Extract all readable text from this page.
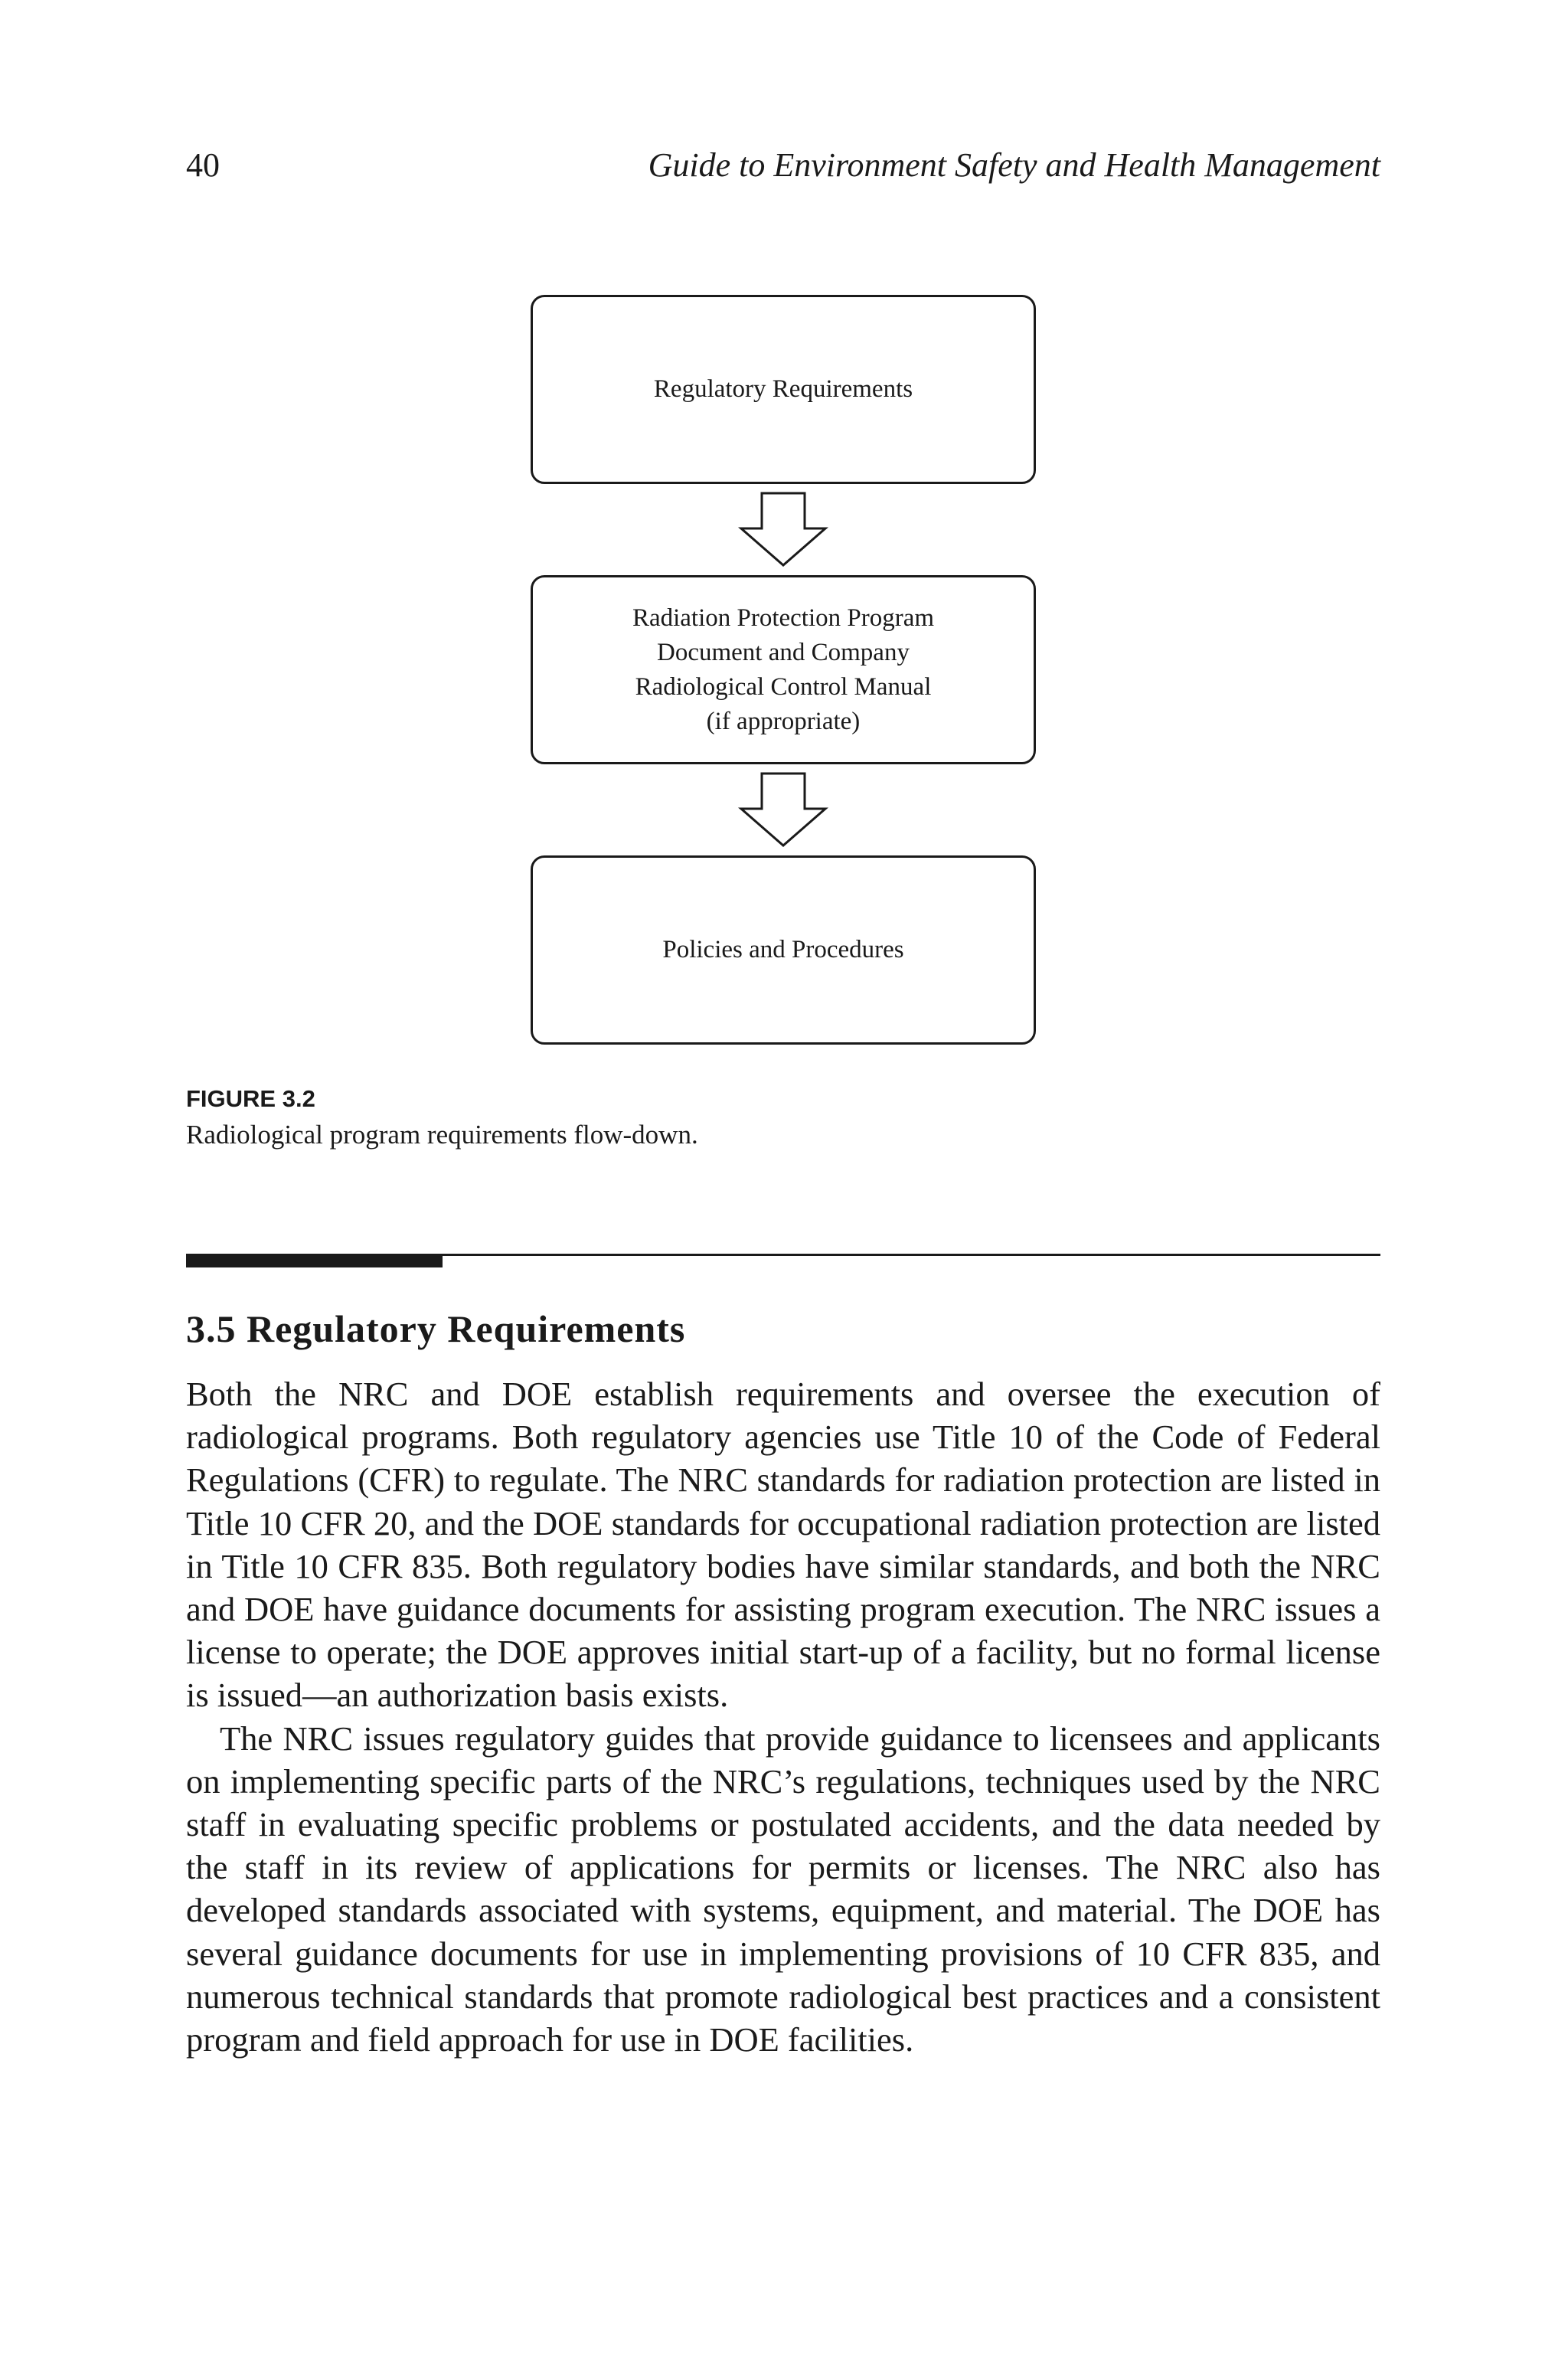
40	Guide to Environment Safety and Health Management
Regulatory Requirements
Radiation Protection Program
Document and Company
Radiological Control Manual
(if appropriate)
Policies and Procedures
FIGURE 3.2
Radiological program requirements flow-down.
3.5 Regulatory Requirements

Both the NRC and DOE establish requirements and oversee the execution of radiological programs. Both regulatory agencies use Title 10 of the Code of Federal Regulations (CFR) to regulate. The NRC standards for radiation protection are listed in Title 10 CFR 20, and the DOE standards for occupational radiation protection are listed in Title 10 CFR 835. Both regulatory bodies have similar standards, and both the NRC and DOE have guidance documents for assisting program execution. The NRC issues a license to operate; the DOE approves initial start-up of a facility, but no formal license is issued—an authorization basis exists.

The NRC issues regulatory guides that provide guidance to licensees and applicants on implementing specific parts of the NRC’s regulations, techniques used by the NRC staff in evaluating specific problems or postulated accidents, and the data needed by the staff in its review of applications for permits or licenses. The NRC also has developed standards associated with systems, equipment, and material. The DOE has several guidance documents for use in implementing provisions of 10 CFR 835, and numerous technical standards that promote radiological best practices and a consistent program and field approach for use in DOE facilities.
